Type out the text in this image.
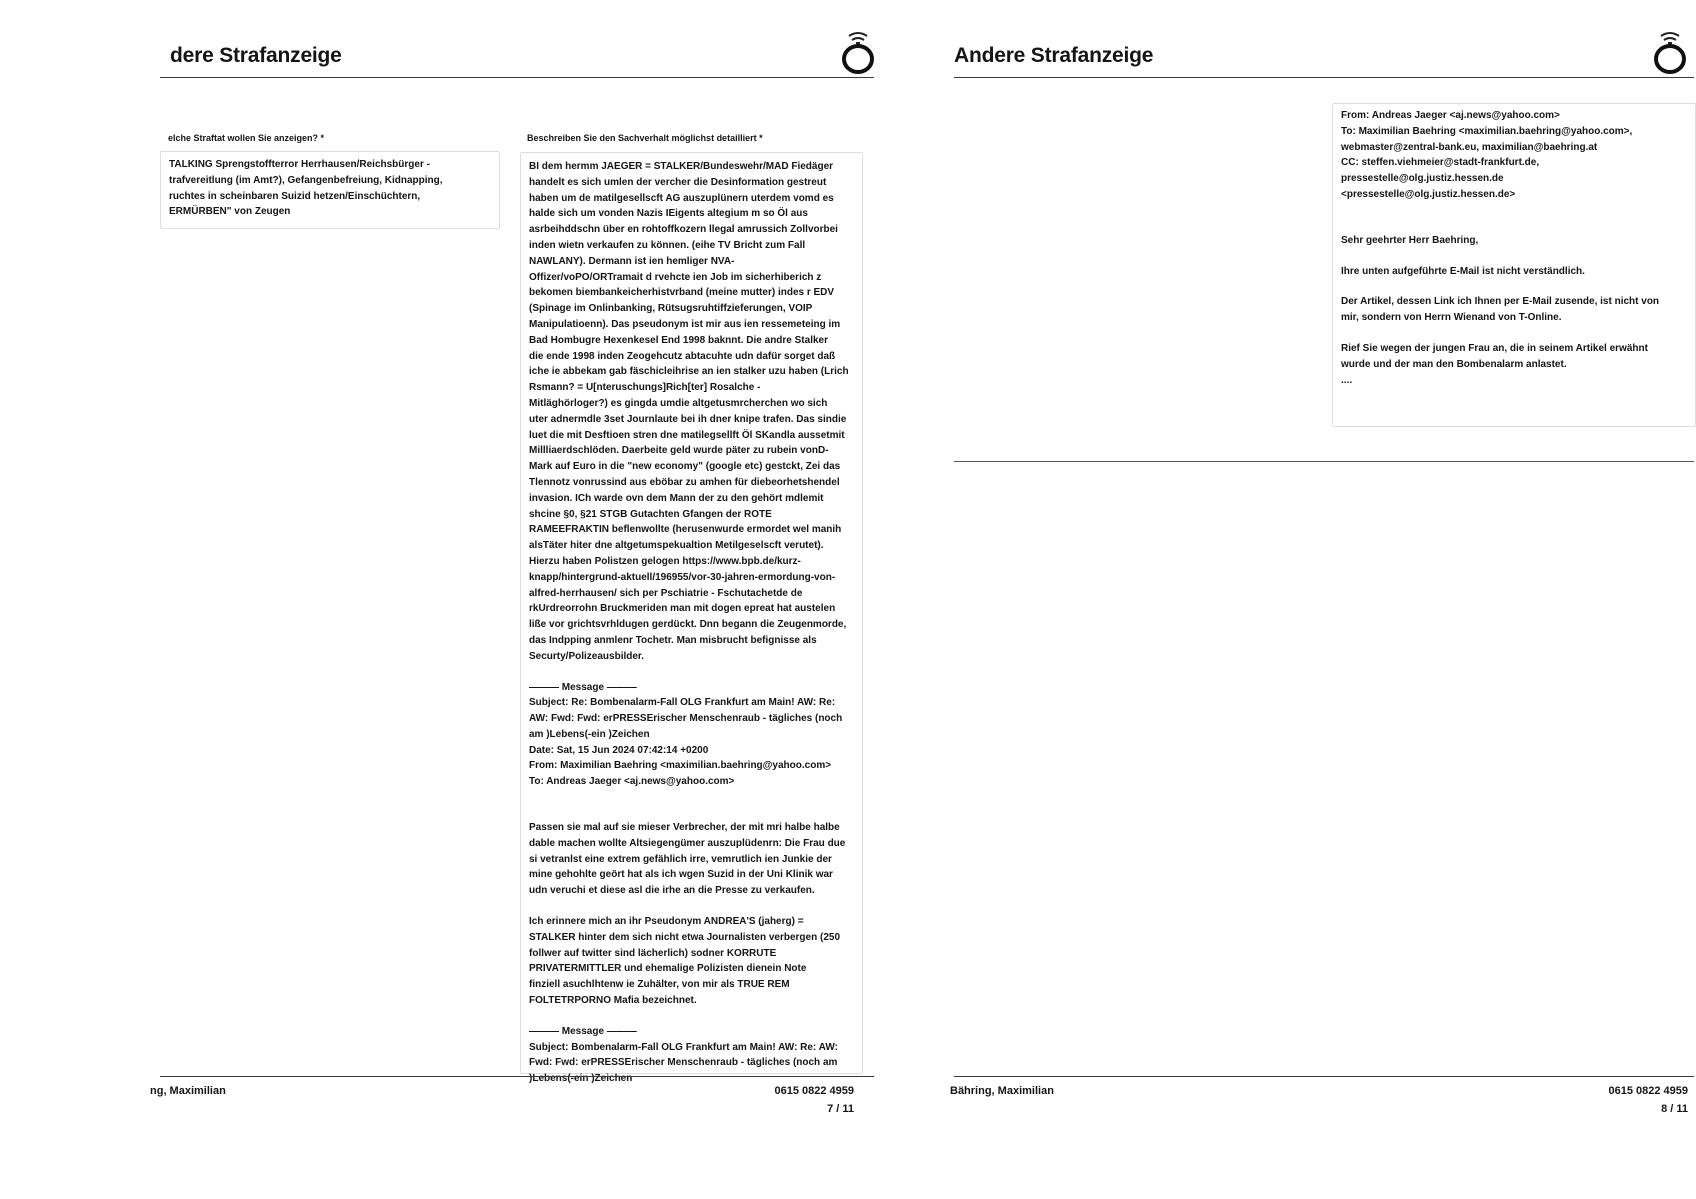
dere Strafanzeige
elche Straftat wollen Sie anzeigen? *

TALKING Sprengstoffterror Herrhausen/Reichsbürger -

trafvereitlung (im Amt?), Gefangenbefreiung, Kidnapping,

ruchtes in scheinbaren Suizid hetzen/Einschüchtern,

ERMÜRBEN" von Zeugen

Beschreiben Sie den Sachverhalt möglichst detailliert *

BI dem hermm JAEGER = STALKER/Bundeswehr/MAD Fiedäger

handelt es sich umlen der vercher die Desinformation gestreut

haben um de matilgesellscft AG auszuplünern uterdem vomd es

halde sich um vonden Nazis IEigents altegium m so Öl aus

asrbeihddschn über en rohtoffkozern llegal amrussich Zollvorbei

inden wietn verkaufen zu können. (eihe TV Bricht zum Fall

NAWLANY). Dermann ist ien hemliger NVA-

Offizer/voPO/ORTramait d rvehcte ien Job im sicherhiberich z

bekomen biembankeicherhistvrband (meine mutter) indes r EDV

(Spinage im Onlinbanking, Rütsugsruhtiffzieferungen, VOIP

Manipulatioenn). Das pseudonym ist mir aus ien ressemeteing im

Bad Hombugre Hexenkesel End 1998 baknnt. Die andre Stalker

die ende 1998 inden Zeogehcutz abtacuhte udn dafür sorget daß

iche ie abbekam gab fäschicleihrise an ien stalker uzu haben (Lrich

Rsmann? = U[nteruschungs]Rich[ter] Rosalche -

Mitläghörloger?) es gingda umdie altgetusmrcherchen wo sich

uter adnermdle 3set Journlaute bei ih dner knipe trafen. Das sindie

luet die mit Desftioen stren dne matilegsellft Öl SKandla aussetmit

Millliaerdschlöden. Daerbeite geld wurde päter zu rubein vonD-

Mark auf Euro in die "new economy" (google etc) gestckt, Zei das

Tlennotz vonrussind aus eböbar zu amhen für diebeorhetshendel

invasion. ICh warde ovn dem Mann der zu den gehört mdlemit

shcine §0, §21 STGB Gutachten Gfangen der ROTE

RAMEEFRAKTIN beflenwollte (herusenwurde ermordet wel manih

alsTäter hiter dne altgetumspekualtion Metilgeselscft verutet).

Hierzu haben Polistzen gelogen https://www.bpb.de/kurz-

knapp/hintergrund-aktuell/196955/vor-30-jahren-ermordung-von-

alfred-herrhausen/ sich per Pschiatrie - Fschutachetde de

rkUrdreorrohn Bruckmeriden man mit dogen epreat hat austelen

liße vor grichtsvrhldugen gerdückt. Dnn begann die Zeugenmorde,

das Indpping anmlenr Tochetr. Man misbrucht befignisse als

Securty/Polizeausbilder.

——— Message ———

Subject: Re: Bombenalarm-Fall OLG Frankfurt am Main! AW: Re:

AW: Fwd: Fwd: erPRESSErischer Menschenraub - tägliches (noch

am )Lebens(-ein )Zeichen

Date: Sat, 15 Jun 2024 07:42:14 +0200

From: Maximilian Baehring <maximilian.baehring@yahoo.com>

To: Andreas Jaeger <aj.news@yahoo.com>

Passen sie mal auf sie mieser Verbrecher, der mit mri halbe halbe

dable machen wollte Altsiegengümer auszuplüdenrn: Die Frau due

si vetranlst eine extrem gefählich irre, vemrutlich ien Junkie der

mine gehohlte geört hat als ich wgen Suzid in der Uni Klinik war

udn veruchi et diese asl die irhe an die Presse zu verkaufen.

Ich erinnere mich an ihr Pseudonym ANDREA'S (jaherg) =

STALKER hinter dem sich nicht etwa Journalisten verbergen (250

follwer auf twitter sind lächerlich) sodner KORRUTE

PRIVATERMITTLER und ehemalige Polizisten dienein Note

finziell asuchlhtenw ie Zuhälter, von mir als TRUE REM

FOLTETRPORNO Mafia bezeichnet.

——— Message ———

Subject: Bombenalarm-Fall OLG Frankfurt am Main! AW: Re: AW:

Fwd: Fwd: erPRESSErischer Menschenraub - tägliches (noch am

)Lebens(-ein )Zeichen

ng, Maximilian	0615 0822 4959
7 / 11
Andere Strafanzeige

From: Andreas Jaeger <aj.news@yahoo.com>

To: Maximilian Baehring <maximilian.baehring@yahoo.com>,

webmaster@zentral-bank.eu, maximilian@baehring.at

CC: steffen.viehmeier@stadt-frankfurt.de,

pressestelle@olg.justiz.hessen.de

<pressestelle@olg.justiz.hessen.de>

Sehr geehrter Herr Baehring,

Ihre unten aufgeführte E-Mail ist nicht verständlich.

Der Artikel, dessen Link ich Ihnen per E-Mail zusende, ist nicht von

mir, sondern von Herrn Wienand von T-Online.

Rief Sie wegen der jungen Frau an, die in seinem Artikel erwähnt

wurde und der man den Bombenalarm anlastet.

....

Bähring, Maximilian	0615 0822 4959
8 / 11
